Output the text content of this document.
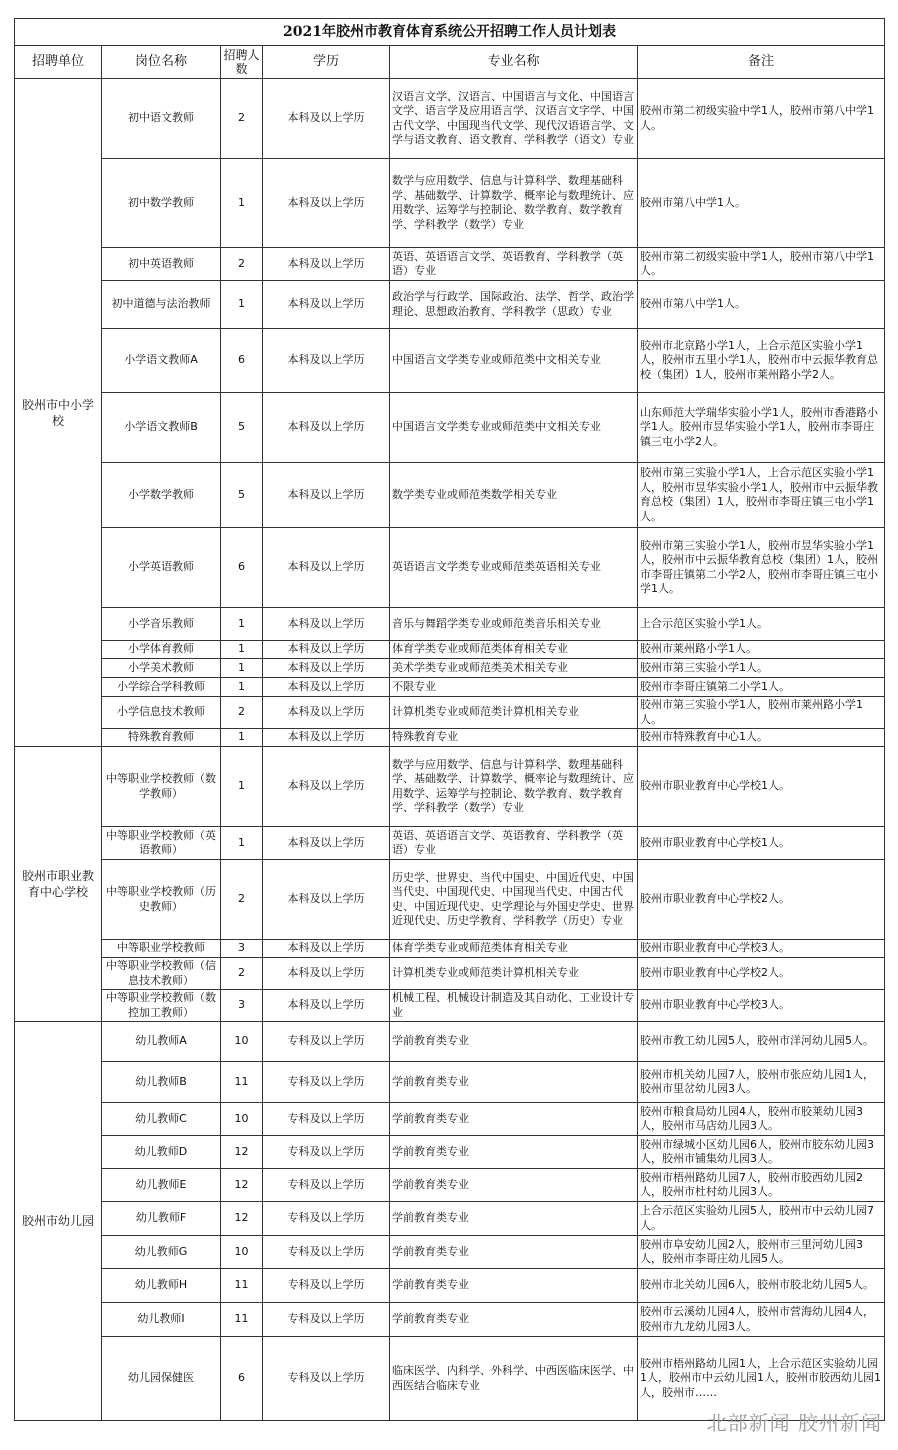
2021年胶州市教育体育系统公开招聘工作人员计划表					
招聘单位	岗位名称	招聘人数	学历	专业名称	备注
胶州市中小学校	初中语文教师	2	本科及以上学历	汉语言文学、汉语言、中国语言与文化、中国语言文学、语言学及应用语言学、汉语言文字学、中国古代文学、中国现当代文学、现代汉语语言学、文学与语文教育、语文教育、学科教学（语文）专业	胶州市第二初级实验中学1人，胶州市第八中学1人。
	初中数学教师	1	本科及以上学历	数学与应用数学、信息与计算科学、数理基础科学、基础数学、计算数学、概率论与数理统计、应用数学、运筹学与控制论、数学教育、数学教育学、学科教学（数学）专业	胶州市第八中学1人。
	初中英语教师	2	本科及以上学历	英语、英语语言文学、英语教育、学科教学（英语）专业	胶州市第二初级实验中学1人，胶州市第八中学1人。
	初中道德与法治教师	1	本科及以上学历	政治学与行政学、国际政治、法学、哲学、政治学理论、思想政治教育、学科教学（思政）专业	胶州市第八中学1人。
	小学语文教师A	6	本科及以上学历	中国语言文学类专业或师范类中文相关专业	胶州市北京路小学1人，上合示范区实验小学1人，胶州市五里小学1人，胶州市中云振华教育总校（集团）1人，胶州市莱州路小学2人。
	小学语文教师B	5	本科及以上学历	中国语言文学类专业或师范类中文相关专业	山东师范大学瑞华实验小学1人，胶州市香港路小学1人。胶州市昱华实验小学1人，胶州市李哥庄镇三屯小学2人。
	小学数学教师	5	本科及以上学历	数学类专业或师范类数学相关专业	胶州市第三实验小学1人，上合示范区实验小学1人，胶州市昱华实验小学1人，胶州市中云振华教育总校（集团）1人，胶州市李哥庄镇三屯小学1人。
	小学英语教师	6	本科及以上学历	英语语言文学类专业或师范类英语相关专业	胶州市第三实验小学1人，胶州市昱华实验小学1人，胶州市中云振华教育总校（集团）1人，胶州市李哥庄镇第二小学2人，胶州市李哥庄镇三屯小学1人。
	小学音乐教师	1	本科及以上学历	音乐与舞蹈学类专业或师范类音乐相关专业	上合示范区实验小学1人。
	小学体育教师	1	本科及以上学历	体育学类专业或师范类体育相关专业	胶州市莱州路小学1人。
	小学美术教师	1	本科及以上学历	美术学类专业或师范类美术相关专业	胶州市第三实验小学1人。
	小学综合学科教师	1	本科及以上学历	不限专业	胶州市李哥庄镇第二小学1人。
	小学信息技术教师	2	本科及以上学历	计算机类专业或师范类计算机相关专业	胶州市第三实验小学1人，胶州市莱州路小学1人。
	特殊教育教师	1	本科及以上学历	特殊教育专业	胶州市特殊教育中心1人。
胶州市职业教育中心学校	中等职业学校教师（数学教师）	1	本科及以上学历	数学与应用数学、信息与计算科学、数理基础科学、基础数学、计算数学、概率论与数理统计、应用数学、运筹学与控制论、数学教育、数学教育学、学科教学（数学）专业	胶州市职业教育中心学校1人。
	中等职业学校教师（英语教师）	1	本科及以上学历	英语、英语语言文学、英语教育、学科教学（英语）专业	胶州市职业教育中心学校1人。
	中等职业学校教师（历史教师）	2	本科及以上学历	历史学、世界史、当代中国史、中国近代史、中国当代史、中国现代史、中国现当代史、中国古代史、中国近现代史、史学理论与外国史学史、世界近现代史、历史学教育、学科教学（历史）专业	胶州市职业教育中心学校2人。
	中等职业学校教师	3	本科及以上学历	体育学类专业或师范类体育相关专业	胶州市职业教育中心学校3人。
	中等职业学校教师（信息技术教师）	2	本科及以上学历	计算机类专业或师范类计算机相关专业	胶州市职业教育中心学校2人。
	中等职业学校教师（数控加工教师）	3	本科及以上学历	机械工程、机械设计制造及其自动化、工业设计专业	胶州市职业教育中心学校3人。
胶州市幼儿园	幼儿教师A	10	专科及以上学历	学前教育类专业	胶州市教工幼儿园5人，胶州市洋河幼儿园5人。
	幼儿教师B	11	专科及以上学历	学前教育类专业	胶州市机关幼儿园7人，胶州市张应幼儿园1人，胶州市里岔幼儿园3人。
	幼儿教师C	10	专科及以上学历	学前教育类专业	胶州市粮食局幼儿园4人，胶州市胶莱幼儿园3人，胶州市马店幼儿园3人。
	幼儿教师D	12	专科及以上学历	学前教育类专业	胶州市绿城小区幼儿园6人，胶州市胶东幼儿园3人，胶州市铺集幼儿园3人。
	幼儿教师E	12	专科及以上学历	学前教育类专业	胶州市梧州路幼儿园7人，胶州市胶西幼儿园2人，胶州市杜村幼儿园3人。
	幼儿教师F	12	专科及以上学历	学前教育类专业	上合示范区实验幼儿园5人，胶州市中云幼儿园7人。
	幼儿教师G	10	专科及以上学历	学前教育类专业	胶州市阜安幼儿园2人，胶州市三里河幼儿园3人，胶州市李哥庄幼儿园5人。
	幼儿教师H	11	专科及以上学历	学前教育类专业	胶州市北关幼儿园6人，胶州市胶北幼儿园5人。
	幼儿教师I	11	专科及以上学历	学前教育类专业	胶州市云溪幼儿园4人，胶州市营海幼儿园4人，胶州市九龙幼儿园3人。
	幼儿园保健医	6	专科及以上学历	临床医学、内科学、外科学、中西医临床医学、中西医结合临床专业	胶州市梧州路幼儿园1人，上合示范区实验幼儿园1人，胶州市中云幼儿园1人，胶州市胶西幼儿园1人，胶州市……
北部新闻 胶州新闻
